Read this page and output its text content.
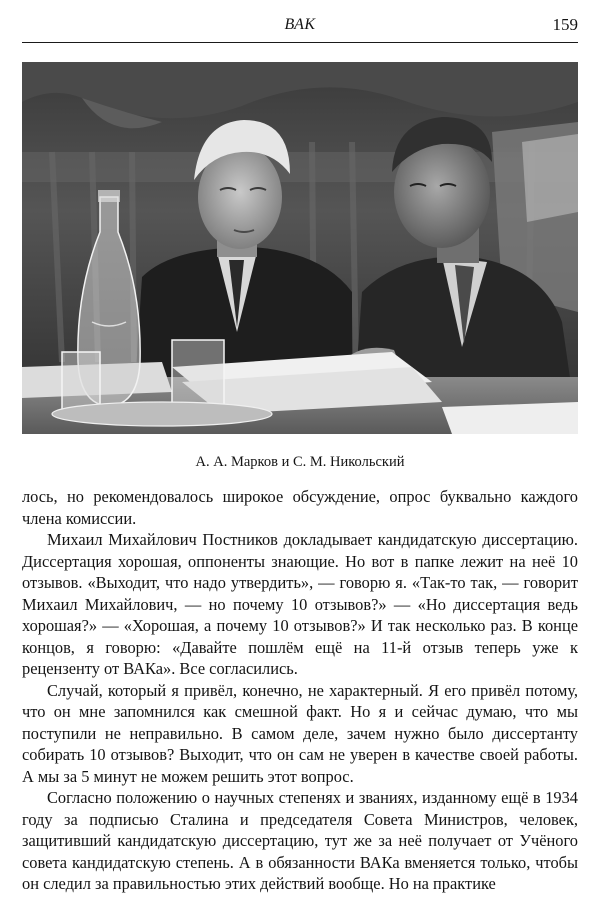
ВАК	159
А. А. Марков и С. М. Никольский

лось, но рекомендовалось широкое обсуждение, опрос буквально каждого члена комиссии.

Михаил Михайлович Постников докладывает кандидатскую диссертацию. Диссертация хорошая, оппоненты знающие. Но вот в папке лежит на неё 10 отзывов. «Выходит, что надо утвердить», — говорю я. «Так-то так, — говорит Михаил Михайлович, — но почему 10 отзывов?» — «Но диссертация ведь хорошая?» — «Хорошая, а почему 10 отзывов?» И так несколько раз. В конце концов, я говорю: «Давайте пошлём ещё на 11-й отзыв теперь уже к рецензенту от ВАКа». Все согласились.

Случай, который я привёл, конечно, не характерный. Я его привёл потому, что он мне запомнился как смешной факт. Но я и сейчас думаю, что мы поступили не неправильно. В самом деле, зачем нужно было диссертанту собирать 10 отзывов? Выходит, что он сам не уверен в качестве своей работы. А мы за 5 минут не можем решить этот вопрос.

Согласно положению о научных степенях и званиях, изданному ещё в 1934 году за подписью Сталина и председателя Совета Министров, человек, защитивший кандидатскую диссертацию, тут же за неё получает от Учёного совета кандидатскую степень. А в обязанности ВАКа вменяется только, чтобы он следил за правильностью этих действий вообще. Но на практике
